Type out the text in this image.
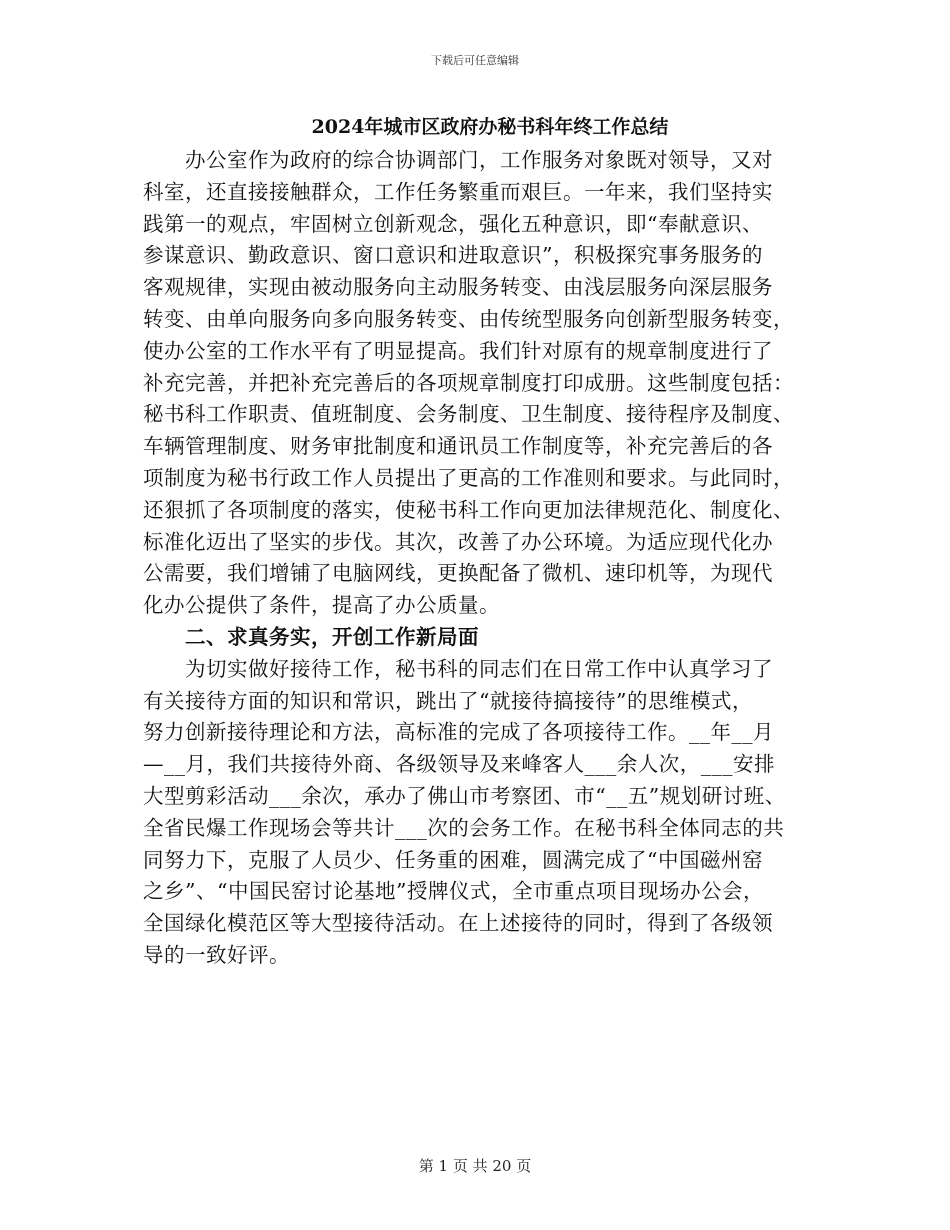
下载后可任意编辑
2024年城市区政府办秘书科年终工作总结
办公室作为政府的综合协调部门，工作服务对象既对领导，又对
科室，还直接接触群众，工作任务繁重而艰巨。一年来，我们坚持实
践第一的观点，牢固树立创新观念，强化五种意识，即“奉献意识、
参谋意识、勤政意识、窗口意识和进取意识”，积极探究事务服务的
客观规律，实现由被动服务向主动服务转变、由浅层服务向深层服务
转变、由单向服务向多向服务转变、由传统型服务向创新型服务转变，
使办公室的工作水平有了明显提高。我们针对原有的规章制度进行了
补充完善，并把补充完善后的各项规章制度打印成册。这些制度包括：
秘书科工作职责、值班制度、会务制度、卫生制度、接待程序及制度、
车辆管理制度、财务审批制度和通讯员工作制度等，补充完善后的各
项制度为秘书行政工作人员提出了更高的工作准则和要求。与此同时，
还狠抓了各项制度的落实，使秘书科工作向更加法律规范化、制度化、
标准化迈出了坚实的步伐。其次，改善了办公环境。为适应现代化办
公需要，我们增铺了电脑网线，更换配备了微机、速印机等，为现代
化办公提供了条件，提高了办公质量。
二、求真务实，开创工作新局面
为切实做好接待工作，秘书科的同志们在日常工作中认真学习了
有关接待方面的知识和常识，跳出了“就接待搞接待”的思维模式，
努力创新接待理论和方法，高标准的完成了各项接待工作。__年__月
—__月，我们共接待外商、各级领导及来峰客人___余人次，___安排
大型剪彩活动___余次，承办了佛山市考察团、市“__五”规划研讨班、
全省民爆工作现场会等共计___次的会务工作。在秘书科全体同志的共
同努力下，克服了人员少、任务重的困难，圆满完成了“中国磁州窑
之乡”、“中国民窑讨论基地”授牌仪式，全市重点项目现场办公会，
全国绿化模范区等大型接待活动。在上述接待的同时，得到了各级领
导的一致好评。
第 1 页 共 20 页
